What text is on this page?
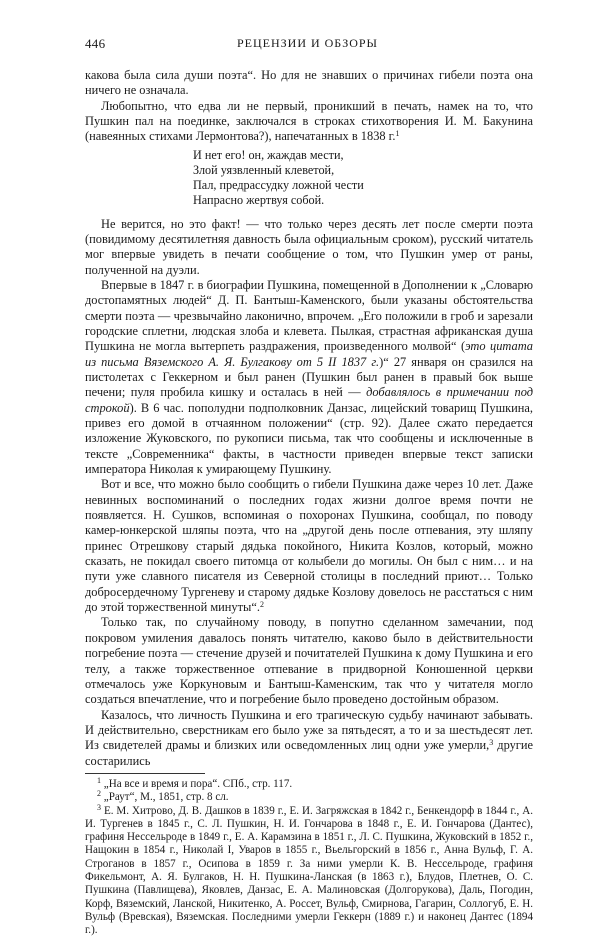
446	РЕЦЕНЗИИ И ОБЗОРЫ

какова была сила души поэта“. Но для не знавших о причинах гибели поэта она ничего не означала.

Любопытно, что едва ли не первый, проникший в печать, намек на то, что Пушкин пал на поединке, заключался в строках стихотворения И. М. Бакунина (навеянных стихами Лермонтова?), напечатанных в 1838 г.$^1$

И нет его! он, жаждав мести,
Злой уязвленный клеветой,
Пал, предрассудку ложной чести
Напрасно жертвуя собой.

Не верится, но это факт! — что только через десять лет после смерти поэта (повидимому десятилетняя давность была официальным сроком), русский читатель мог впервые увидеть в печати сообщение о том, что Пушкин умер от раны, полученной на дуэли.

Впервые в 1847 г. в биографии Пушкина, помещенной в Дополнении к „Словарю достопамятных людей“ Д. П. Бантыш-Каменского, были указаны обстоятельства смерти поэта — чрезвычайно лаконично, впрочем. „Его положили в гроб и зарезали городские сплетни, людская злоба и клевета. Пылкая, страстная африканская душа Пушкина не могла вытерпеть раздражения, произведенного молвой“ (это цитата из письма Вяземского А. Я. Булгакову от 5 II 1837 г.)“ 27 января он сразился на пистолетах с Геккерном и был ранен (Пушкин был ранен в правый бок выше печени; пуля пробила кишку и осталась в ней — добавлялось в примечании под строкой). В 6 час. пополудни подполковник Данзас, лицейский товарищ Пушкина, привез его домой в отчаянном положении“ (стр. 92). Далее сжато передается изложение Жуковского, по рукописи письма, так что сообщены и исключенные в тексте „Современника“ факты, в частности приведен впервые текст записки императора Николая к умирающему Пушкину.

Вот и все, что можно было сообщить о гибели Пушкина даже через 10 лет. Даже невинных воспоминаний о последних годах жизни долгое время почти не появляется. Н. Сушков, вспоминая о похоронах Пушкина, сообщал, по поводу камер-юнкерской шляпы поэта, что на „другой день после отпевания, эту шляпу принес Отрешкову старый дядька покойного, Никита Козлов, который, можно сказать, не покидал своего питомца от колыбели до могилы. Он был с ним… и на пути уже славного писателя из Северной столицы в последний приют… Только добросердечному Тургеневу и старому дядьке Козлову довелось не расстаться с ним до этой торжественной минуты“.$^2$

Только так, по случайному поводу, в попутно сделанном замечании, под покровом умиления давалось понять читателю, каково было в действительности погребение поэта — стечение друзей и почитателей Пушкина к дому Пушкина и его телу, а также торжественное отпевание в придворной Конюшенной церкви отмечалось уже Коркуновым и Бантыш-Каменским, так что у читателя могло создаться впечатление, что и погребение было проведено достойным образом.

Казалось, что личность Пушкина и его трагическую судьбу начинают забывать. И действительно, сверстникам его было уже за пятьдесят, а то и за шестьдесят лет. Из свидетелей драмы и близких или осведомленных лиц одни уже умерли,$^3$ другие состарились

$^1$ „На все и время и пора“. СПб., стр. 117.

$^2$ „Раут“, М., 1851, стр. 8 сл.

$^3$ Е. М. Хитрово, Д. В. Дашков в 1839 г., Е. И. Загряжская в 1842 г., Бенкендорф в 1844 г., А. И. Тургенев в 1845 г., С. Л. Пушкин, Н. И. Гончарова в 1848 г., Е. И. Гончарова (Дантес), графиня Нессельроде в 1849 г., Е. А. Карамзина в 1851 г., Л. С. Пушкина, Жуковский в 1852 г., Нащокин в 1854 г., Николай I, Уваров в 1855 г., Вьельгорский в 1856 г., Анна Вульф, Г. А. Строганов в 1857 г., Осипова в 1859 г. За ними умерли К. В. Нессельроде, графиня Фикельмонт, А. Я. Булгаков, Н. Н. Пушкина-Ланская (в 1863 г.), Блудов, Плетнев, О. С. Пушкина (Павлищева), Яковлев, Данзас, Е. А. Малиновская (Долгорукова), Даль, Погодин, Корф, Вяземский, Ланской, Никитенко, А. Россет, Вульф, Смирнова, Гагарин, Соллогуб, Е. Н. Вульф (Вревская), Вяземская. Последними умерли Геккерн (1889 г.) и наконец Дантес (1894 г.).
